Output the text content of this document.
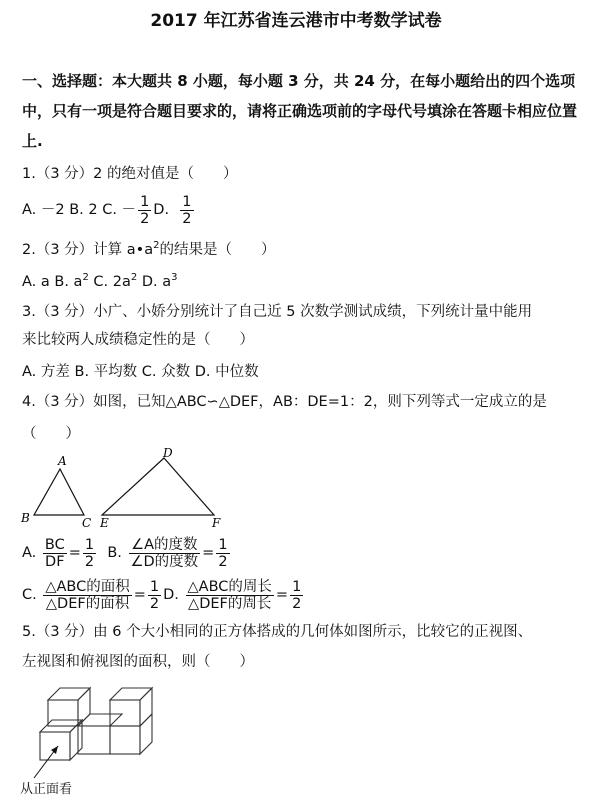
2017 年江苏省连云港市中考数学试卷
一、选择题：本大题共 8 小题，每小题 3 分，共 24 分，在每小题给出的四个选项中，只有一项是符合题目要求的，请将正确选项前的字母代号填涂在答题卡相应位置上.
1.（3 分）2 的绝对值是（　　）
A. －2 B. 2 C. － $\frac{1}{2} D$. $\frac{1}{2}$
2.（3 分）计算 $a•a^2$的结果是（　　）
A. a B. $a^2$ C. $2a^2$ D. $a^3$
3.（3 分）小广、小娇分别统计了自己近 5 次数学测试成绩，下列统计量中能用
来比较两人成绩稳定性的是（　　）
A. 方差 B. 平均数 C. 众数 D. 中位数
4.（3 分）如图，已知△ABC∽△DEF，AB：DE=1：2，则下列等式一定成立的是
（　　）
A
B	C
D
E	F
A. $\frac{BC}{DF} = \frac{1}{2} B$. $\frac{\text{∠A的度数}}{\text{∠D的度数}} = \frac{1}{2}$
C. $\frac{\text{△ABC的面积}}{\text{△DEF的面积}} = \frac{1}{2} D$. $\frac{\text{△ABC的周长}}{\text{△DEF的周长}} = \frac{1}{2}$
5.（3 分）由 6 个大小相同的正方体搭成的几何体如图所示，比较它的正视图、
左视图和俯视图的面积，则（　　）
从正面看
